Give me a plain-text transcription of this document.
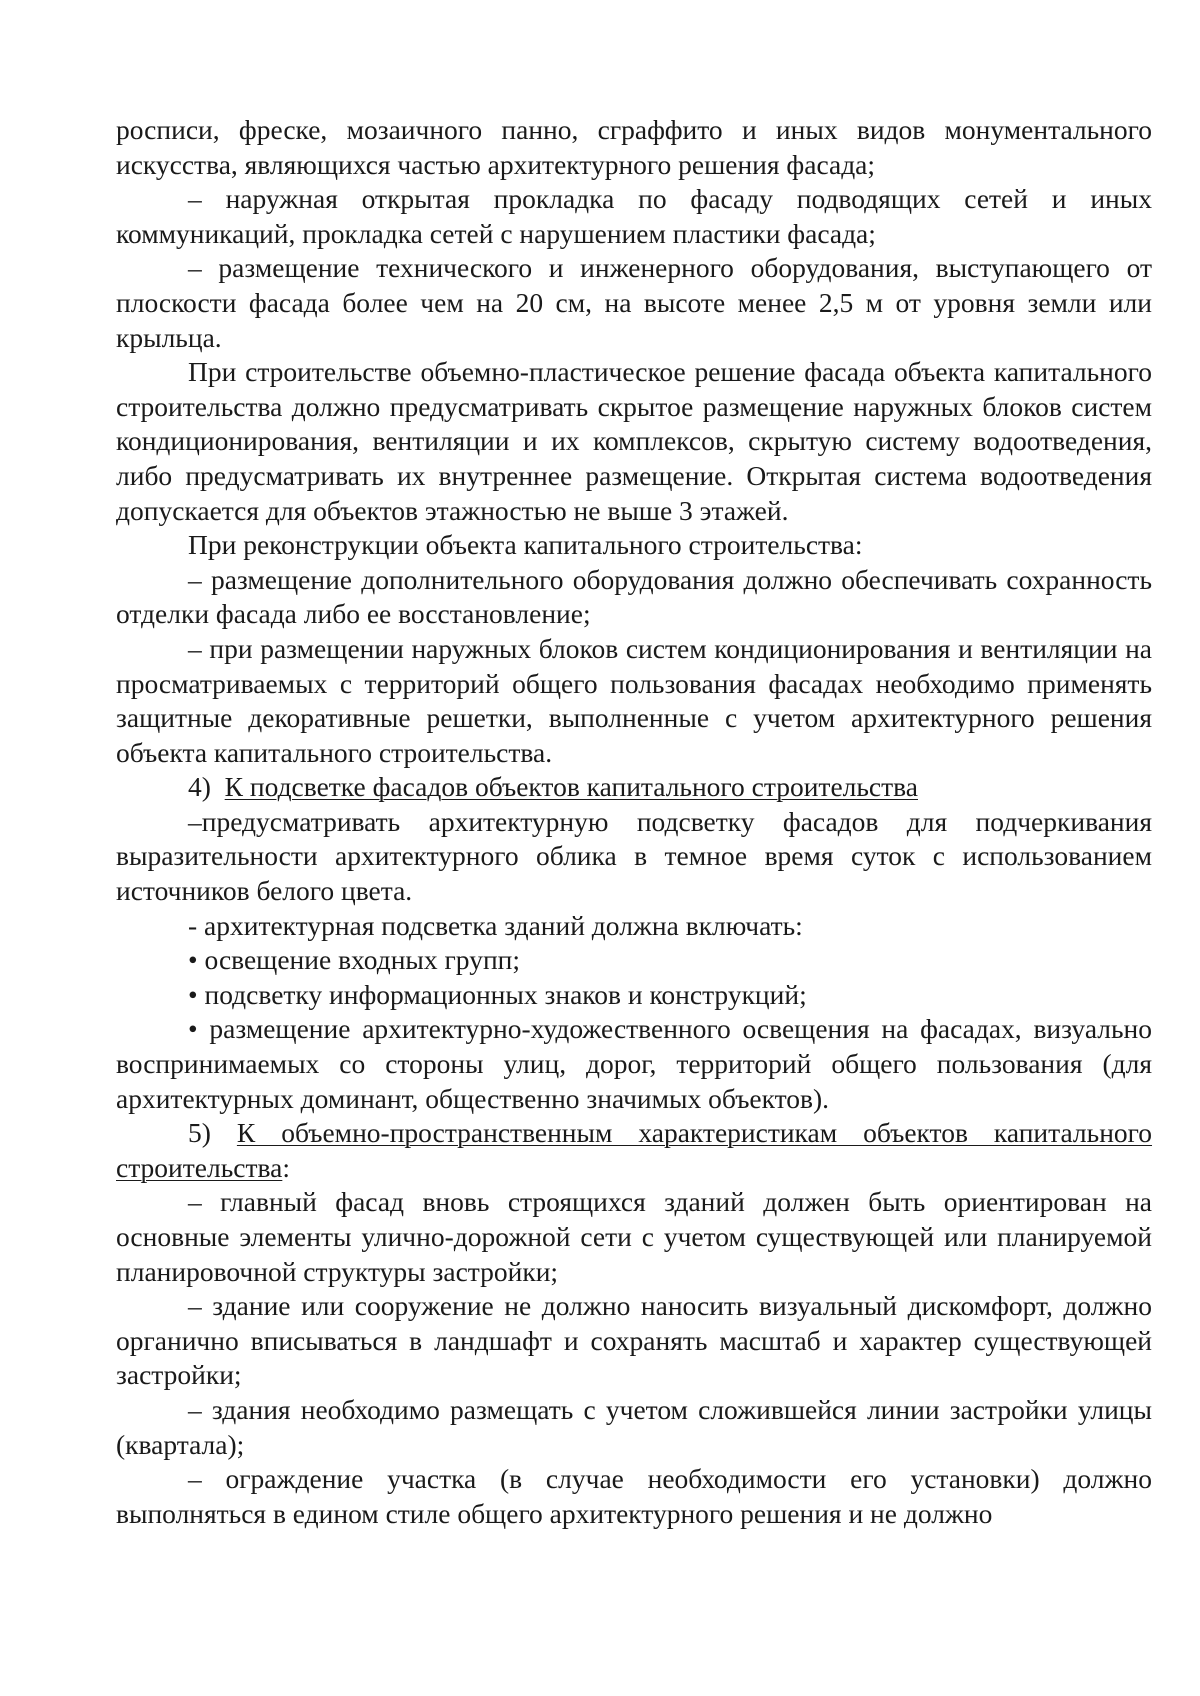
росписи, фреске, мозаичного панно, сграффито и иных видов монументального искусства, являющихся частью архитектурного решения фасада;

– наружная открытая прокладка по фасаду подводящих сетей и иных коммуникаций, прокладка сетей с нарушением пластики фасада;

– размещение технического и инженерного оборудования, выступающего от плоскости фасада более чем на 20 см, на высоте менее 2,5 м от уровня земли или крыльца.

При строительстве объемно-пластическое решение фасада объекта капитального строительства должно предусматривать скрытое размещение наружных блоков систем кондиционирования, вентиляции и их комплексов, скрытую систему водоотведения, либо предусматривать их внутреннее размещение. Открытая система водоотведения допускается для объектов этажностью не выше 3 этажей.

При реконструкции объекта капитального строительства:

– размещение дополнительного оборудования должно обеспечивать сохранность отделки фасада либо ее восстановление;

– при размещении наружных блоков систем кондиционирования и вентиляции на просматриваемых с территорий общего пользования фасадах необходимо применять защитные декоративные решетки, выполненные с учетом архитектурного решения объекта капитального строительства.

4) К подсветке фасадов объектов капитального строительства

–предусматривать архитектурную подсветку фасадов для подчеркивания выразительности архитектурного облика в темное время суток с использованием источников белого цвета.

- архитектурная подсветка зданий должна включать:

• освещение входных групп;

• подсветку информационных знаков и конструкций;

• размещение архитектурно-художественного освещения на фасадах, визуально воспринимаемых со стороны улиц, дорог, территорий общего пользования (для архитектурных доминант, общественно значимых объектов).

5) К объемно-пространственным характеристикам объектов капитального строительства:

– главный фасад вновь строящихся зданий должен быть ориентирован на основные элементы улично-дорожной сети с учетом существующей или планируемой планировочной структуры застройки;

– здание или сооружение не должно наносить визуальный дискомфорт, должно органично вписываться в ландшафт и сохранять масштаб и характер существующей застройки;

– здания необходимо размещать с учетом сложившейся линии застройки улицы (квартала);

– ограждение участка (в случае необходимости его установки) должно выполняться в едином стиле общего архитектурного решения и не должно
